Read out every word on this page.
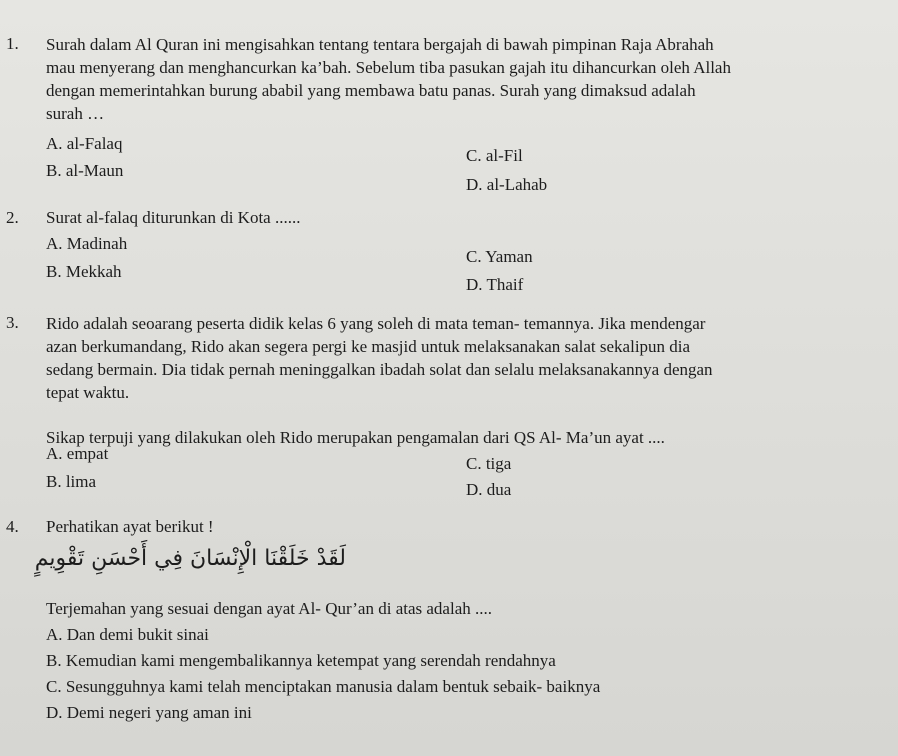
1. Surah dalam Al Quran ini mengisahkan tentang tentara bergajah di bawah pimpinan Raja Abrahah
mau menyerang dan menghancurkan ka’bah. Sebelum tiba pasukan gajah itu dihancurkan oleh Allah
dengan memerintahkan burung ababil yang membawa batu panas. Surah yang dimaksud adalah
surah …
A. al-Falaq
B. al-Maun
C. al-Fil
D. al-Lahab
2. Surat al-falaq diturunkan di Kota ......
A. Madinah
B. Mekkah
C. Yaman
D. Thaif
3. Rido adalah seoarang peserta didik kelas 6 yang soleh di mata teman- temannya. Jika mendengar
azan berkumandang, Rido akan segera pergi ke masjid untuk melaksanakan salat sekalipun dia
sedang bermain. Dia tidak pernah meninggalkan ibadah solat dan selalu melaksanakannya dengan
tepat waktu.
Sikap terpuji yang dilakukan oleh Rido merupakan pengamalan dari QS Al- Ma’un ayat ....
A. empat
B. lima
C. tiga
D. dua
4. Perhatikan ayat berikut !
لَقَدْ خَلَقْنَا الْإِنْسَانَ فِي أَحْسَنِ تَقْوِيمٍ
Terjemahan yang sesuai dengan ayat Al- Qur’an di atas adalah ....
A. Dan demi bukit sinai
B. Kemudian kami mengembalikannya ketempat yang serendah rendahnya
C. Sesungguhnya kami telah menciptakan manusia dalam bentuk sebaik- baiknya
D. Demi negeri yang aman ini
